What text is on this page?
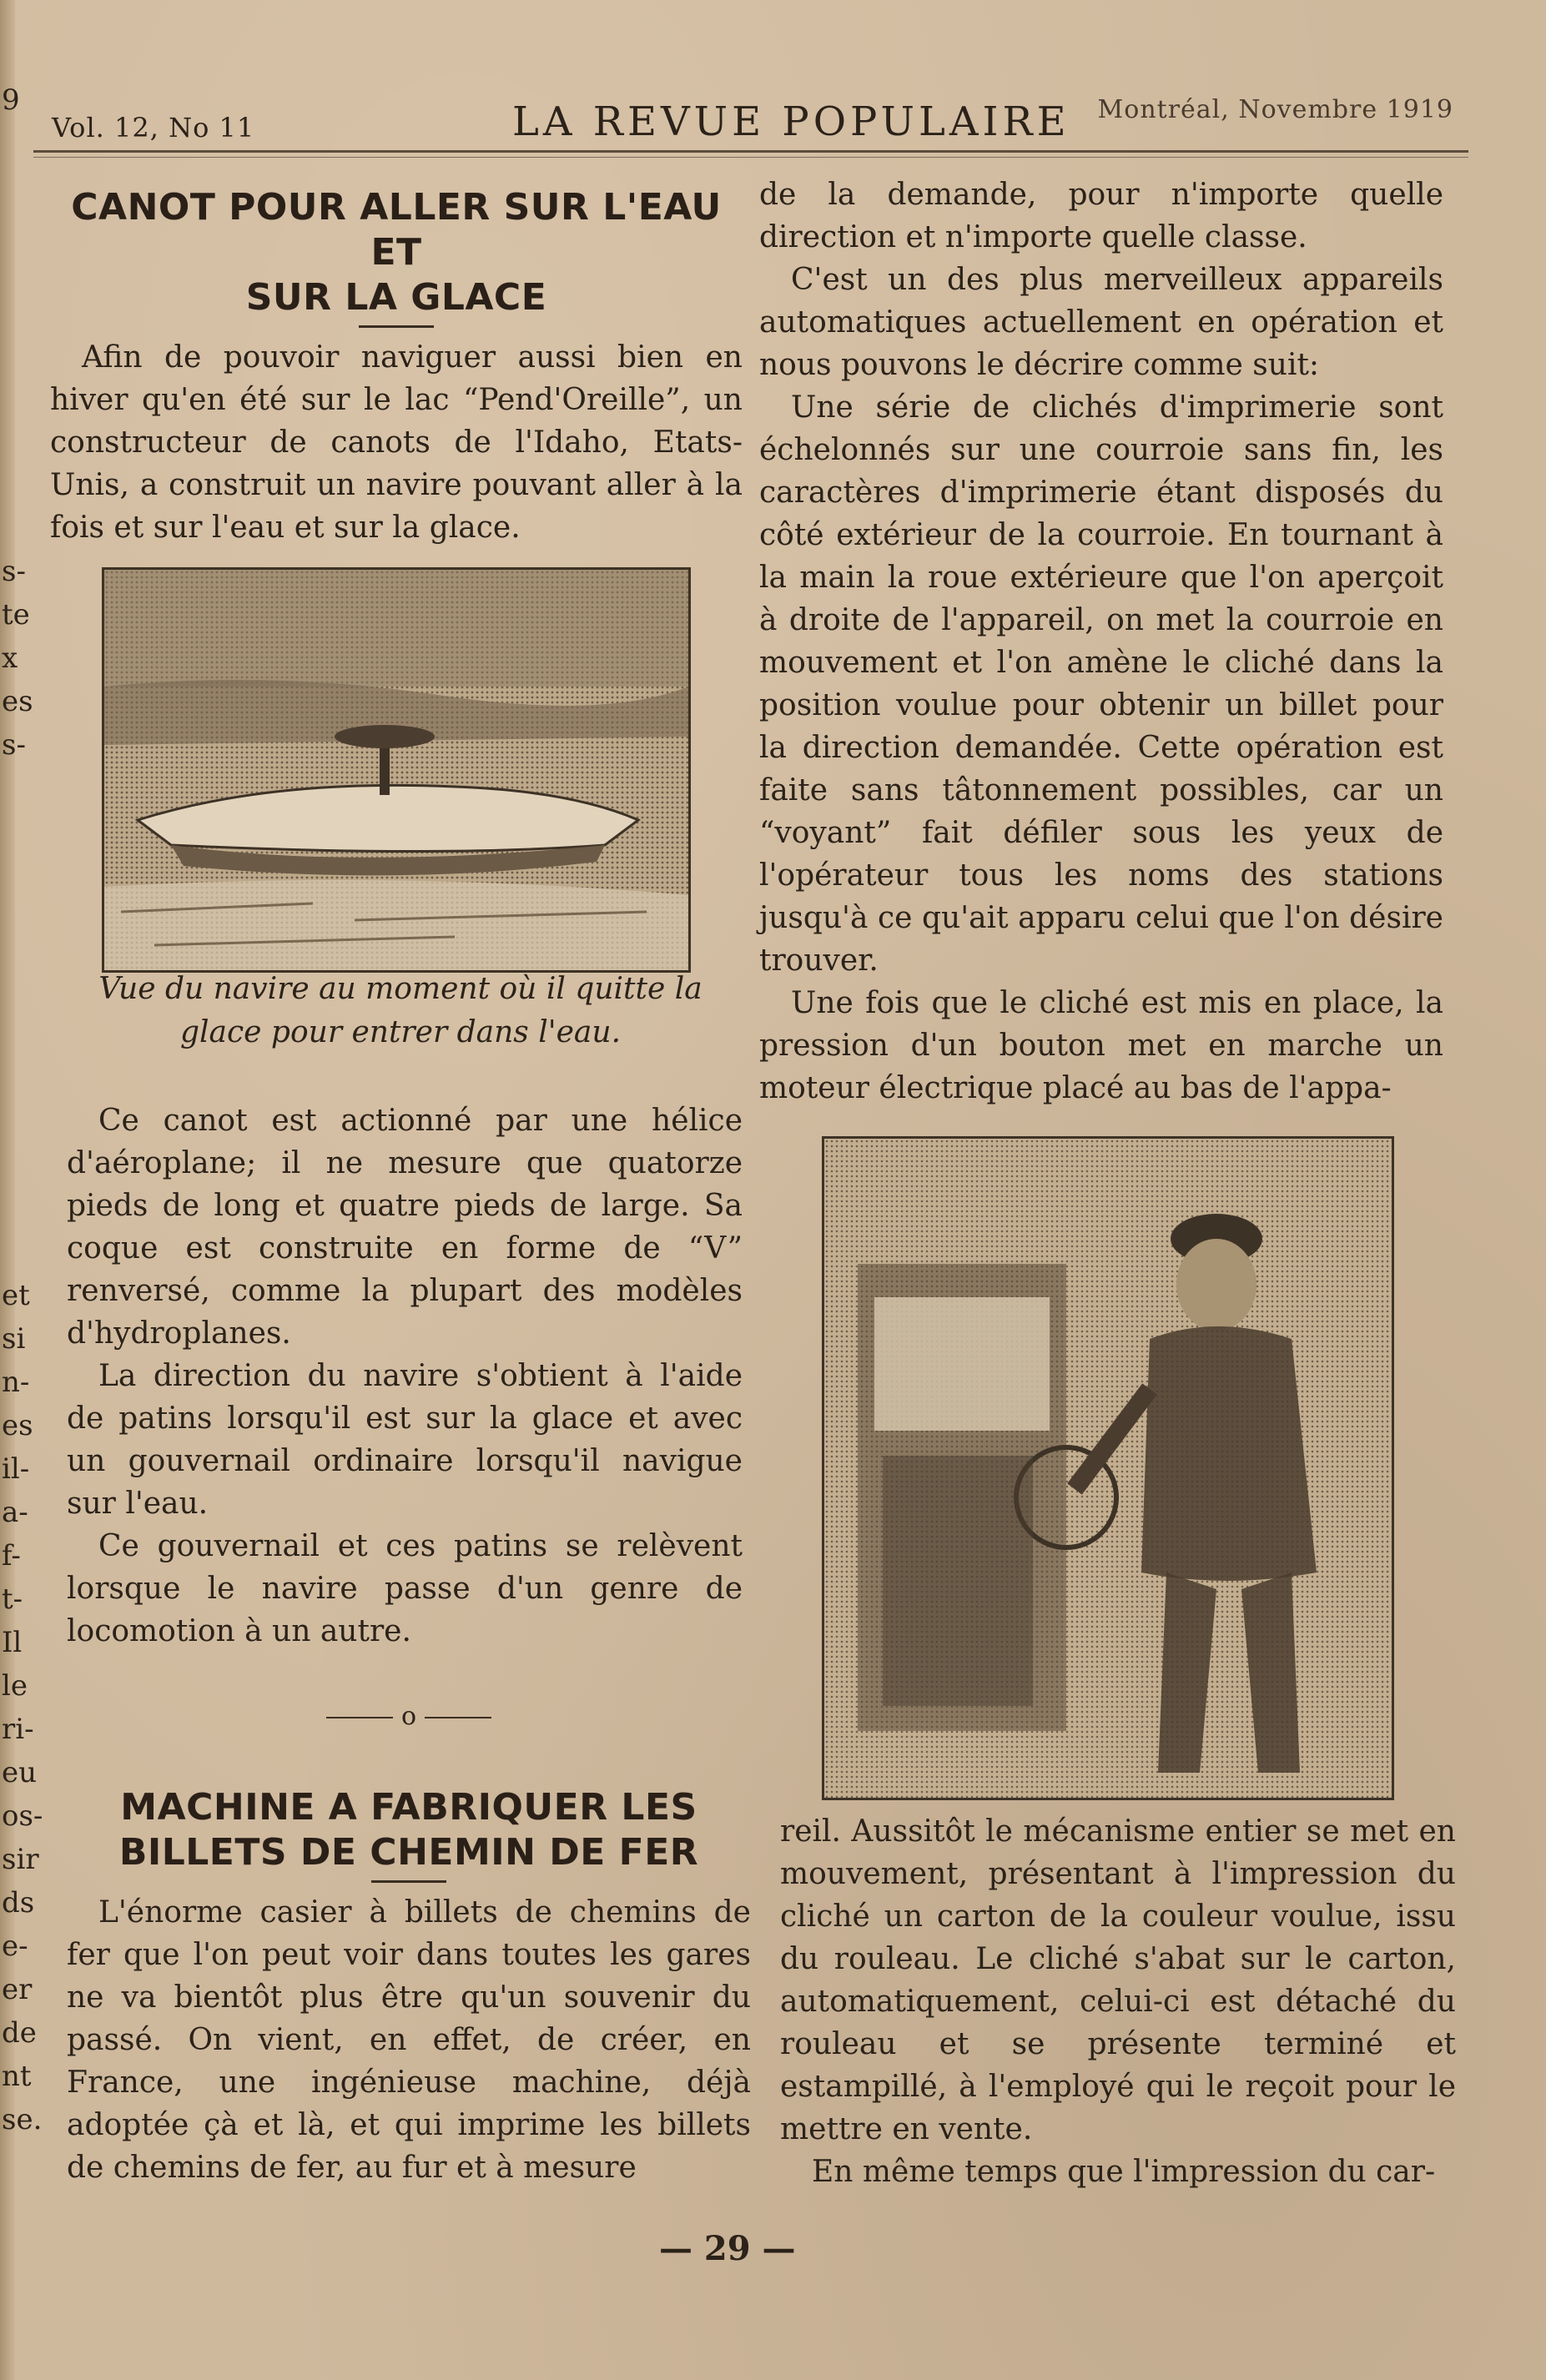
Vol. 12, No 11	LA REVUE POPULAIRE Montréal, Novembre 1919
9
s-
te
x
es
s-
et
si
n-
es
il-
a-
f-
t-
Il
le
ri-
eu
os-
sir
ds
e-
er
de
nt
se.
CANOT POUR ALLER SUR L'EAU ET
SUR LA GLACE

Afin de pouvoir naviguer aussi bien en hiver qu'en été sur le lac “Pend'Oreille”, un constructeur de canots de l'Idaho, Etats-Unis, a construit un navire pouvant aller à la fois et sur l'eau et sur la glace.

Vue du navire au moment où il quitte la glace pour entrer dans l'eau.

Ce canot est actionné par une hélice d'aéroplane; il ne mesure que quatorze pieds de long et quatre pieds de large. Sa coque est construite en forme de “V” renversé, comme la plupart des modèles d'hydroplanes.

La direction du navire s'obtient à l'aide de patins lorsqu'il est sur la glace et avec un gouvernail ordinaire lorsqu'il navigue sur l'eau.

Ce gouvernail et ces patins se relèvent lorsque le navire passe d'un genre de locomotion à un autre.

o
MACHINE A FABRIQUER LES
BILLETS DE CHEMIN DE FER

L'énorme casier à billets de chemins de fer que l'on peut voir dans toutes les gares ne va bientôt plus être qu'un souvenir du passé. On vient, en effet, de créer, en France, une ingénieuse machine, déjà adoptée çà et là, et qui imprime les billets de chemins de fer, au fur et à mesure

de la demande, pour n'importe quelle direction et n'importe quelle classe.

C'est un des plus merveilleux appareils automatiques actuellement en opération et nous pouvons le décrire comme suit:

Une série de clichés d'imprimerie sont échelonnés sur une courroie sans fin, les caractères d'imprimerie étant disposés du côté extérieur de la courroie. En tournant à la main la roue extérieure que l'on aperçoit à droite de l'appareil, on met la courroie en mouvement et l'on amène le cliché dans la position voulue pour obtenir un billet pour la direction demandée. Cette opération est faite sans tâtonnement possibles, car un “voyant” fait défiler sous les yeux de l'opérateur tous les noms des stations jusqu'à ce qu'ait apparu celui que l'on désire trouver.

Une fois que le cliché est mis en place, la pression d'un bouton met en marche un moteur électrique placé au bas de l'appa-

reil. Aussitôt le mécanisme entier se met en mouvement, présentant à l'impression du cliché un carton de la couleur voulue, issu du rouleau. Le cliché s'abat sur le carton, automatiquement, celui-ci est détaché du rouleau et se présente terminé et estampillé, à l'employé qui le reçoit pour le mettre en vente.

En même temps que l'impression du car-

— 29 —
